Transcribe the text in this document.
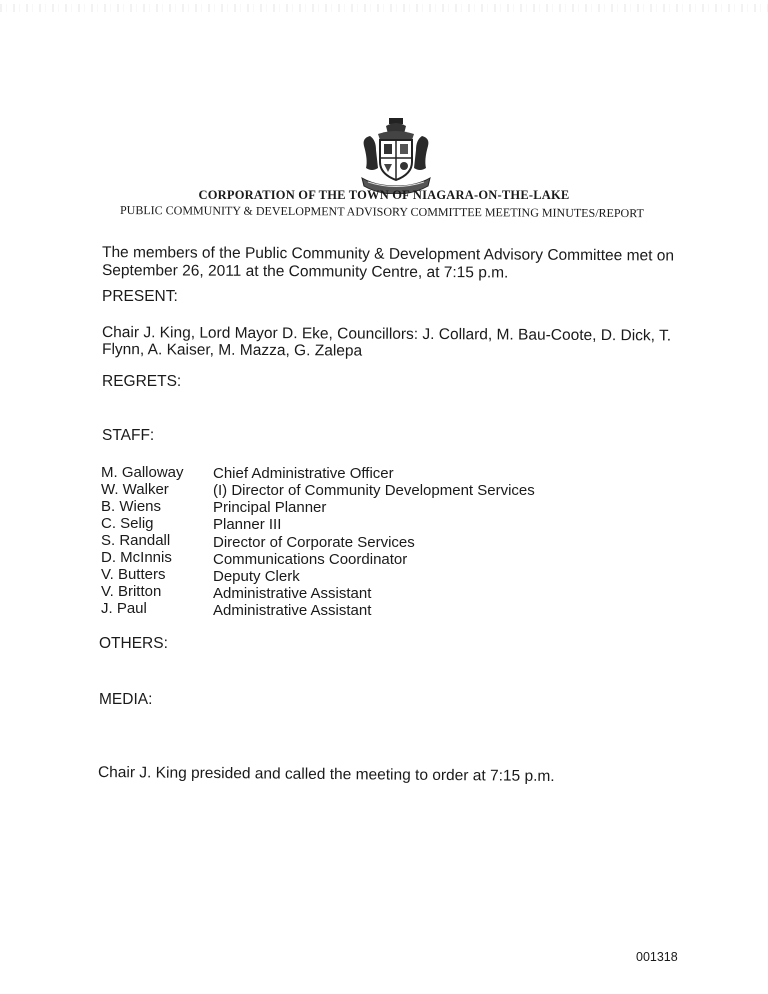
CORPORATION OF THE TOWN OF NIAGARA-ON-THE-LAKE
PUBLIC COMMUNITY & DEVELOPMENT ADVISORY COMMITTEE MEETING MINUTES/REPORT
The members of the Public Community & Development Advisory Committee met on
September 26, 2011 at the Community Centre, at 7:15 p.m.
PRESENT:
Chair J. King, Lord Mayor D. Eke, Councillors: J. Collard, M. Bau-Coote, D. Dick, T.
Flynn, A. Kaiser, M. Mazza, G. Zalepa
REGRETS:
STAFF:
M. Galloway Chief Administrative Officer
W. Walker	(I) Director of Community Development Services
B. Wiens	Principal Planner
C. Selig	Planner III
S. Randall	Director of Corporate Services
D. McInnis	Communications Coordinator
V. Butters	Deputy Clerk
V. Britton	Administrative Assistant
J. Paul	Administrative Assistant
OTHERS:
MEDIA:
Chair J. King presided and called the meeting to order at 7:15 p.m.
001318
